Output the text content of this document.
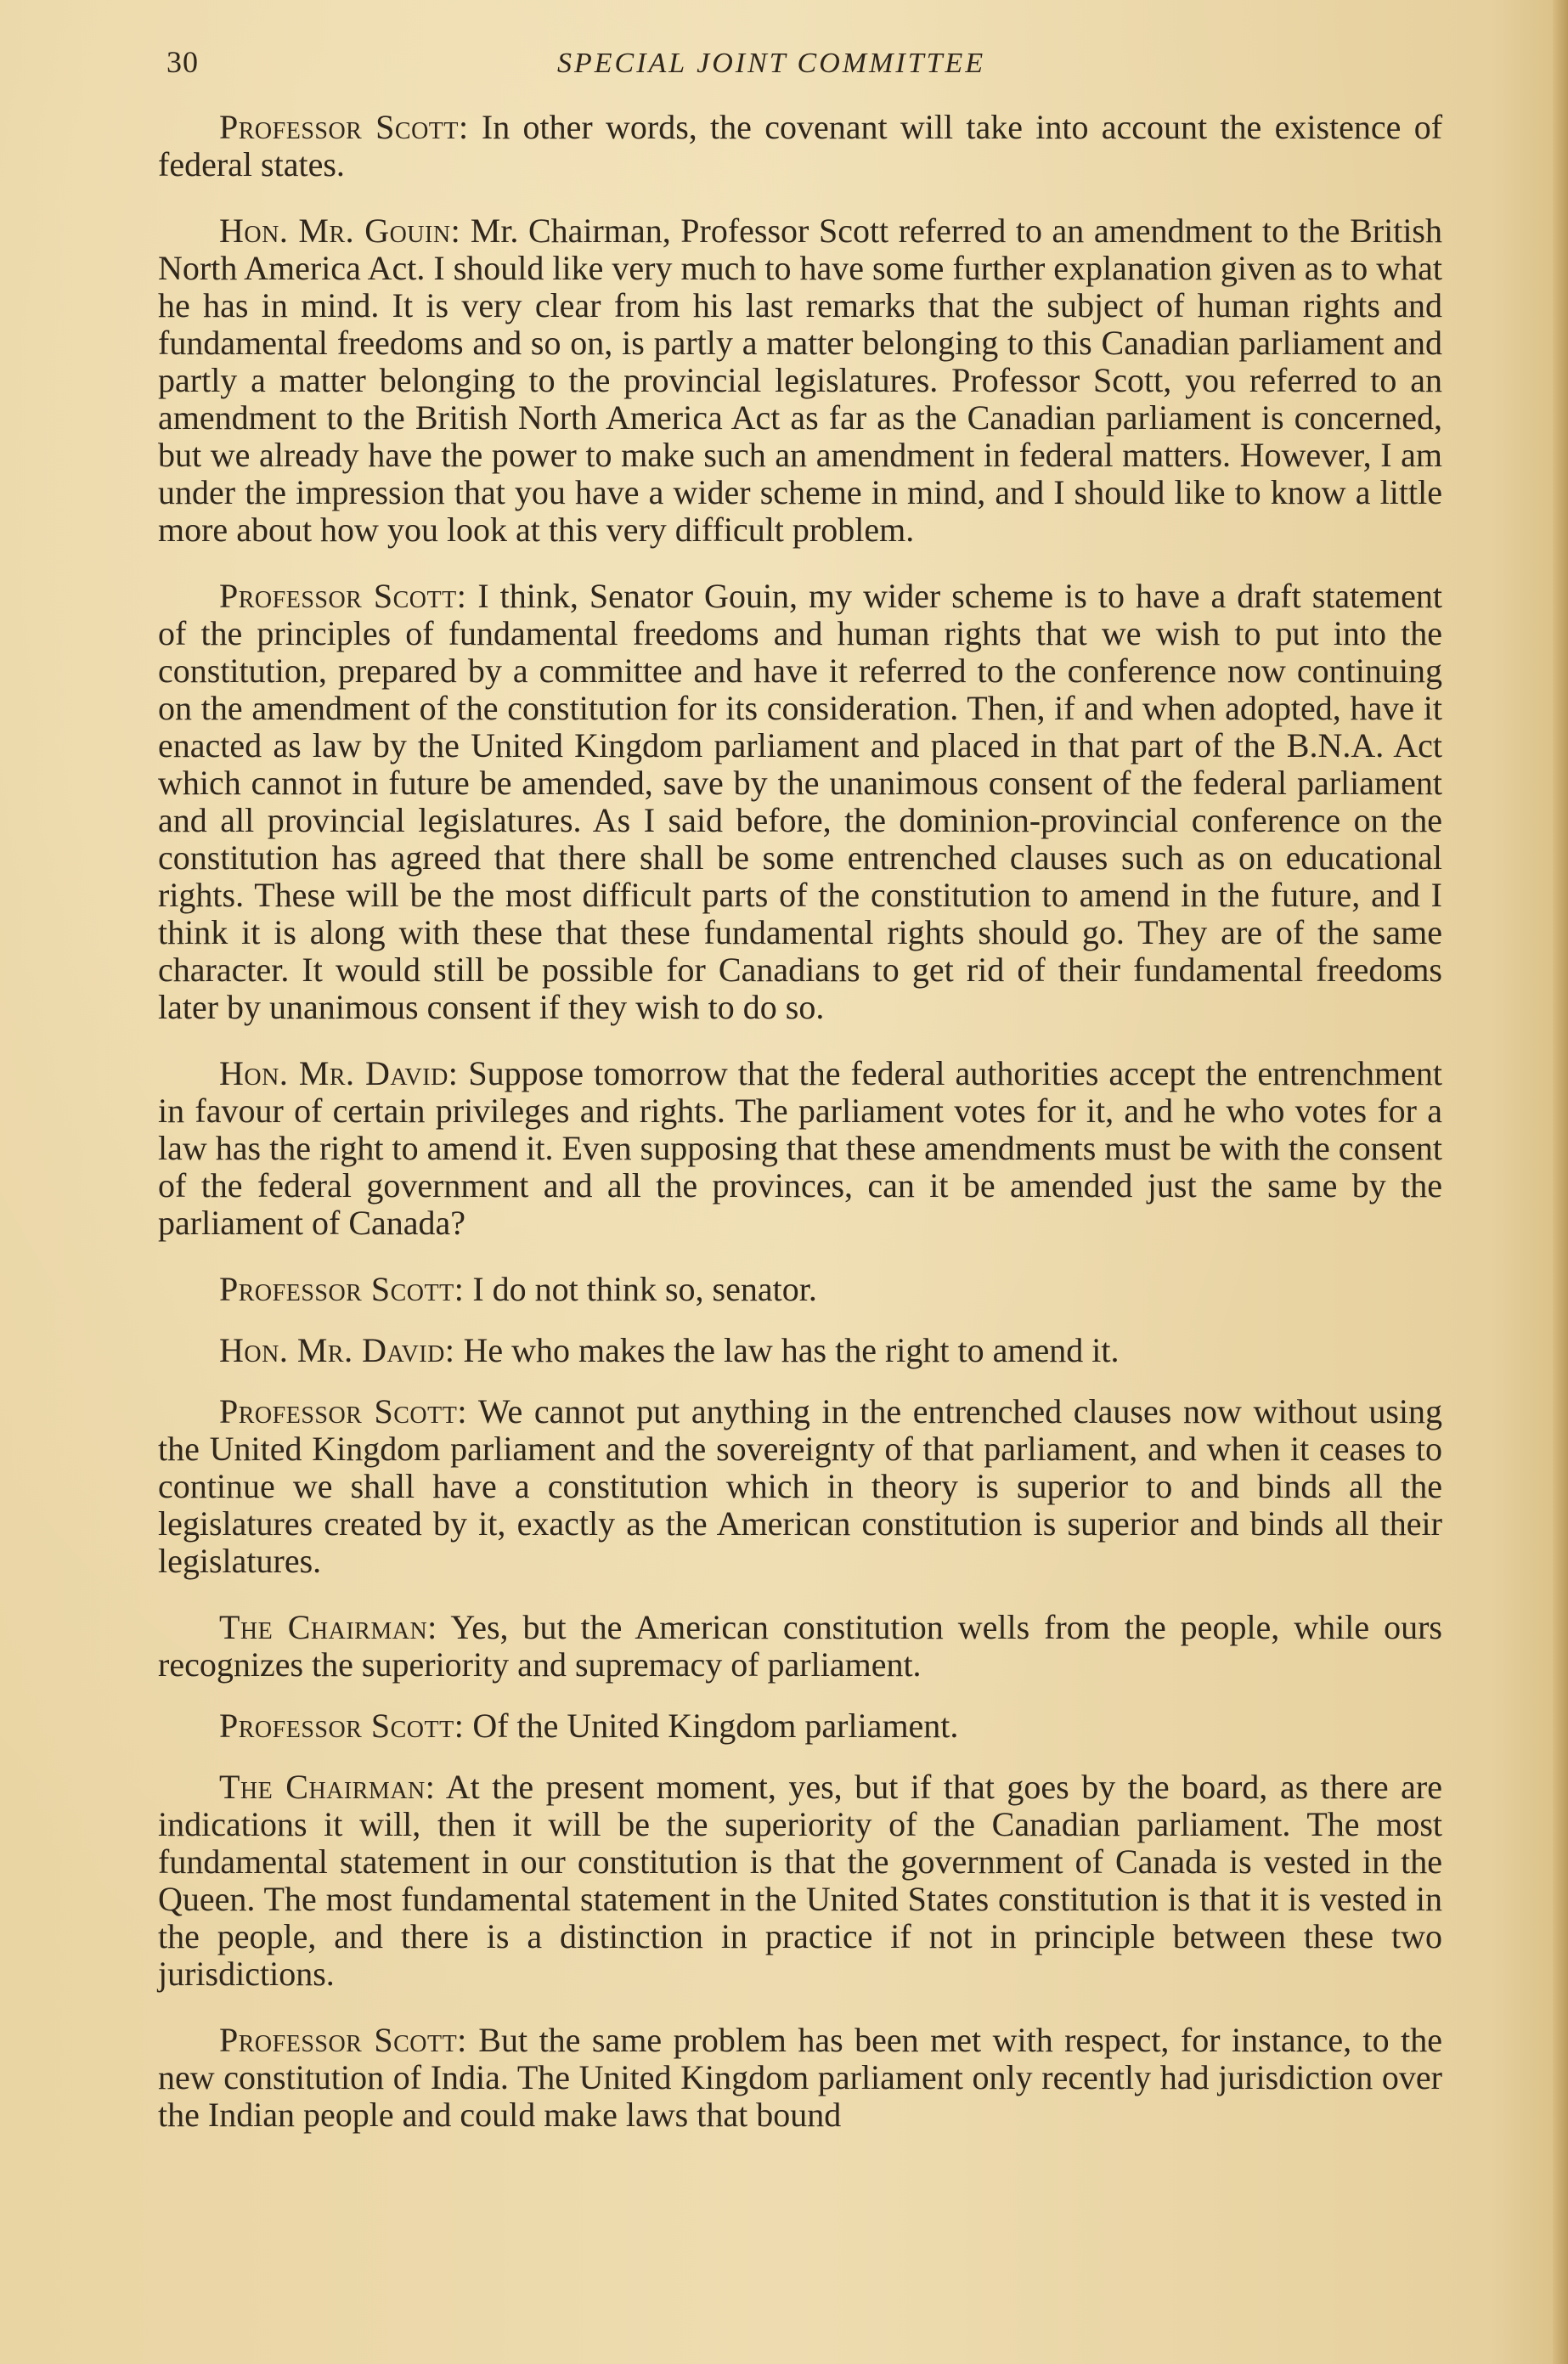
30	SPECIAL JOINT COMMITTEE

Professor Scott: In other words, the covenant will take into account the existence of federal states.

Hon. Mr. Gouin: Mr. Chairman, Professor Scott referred to an amendment to the British North America Act. I should like very much to have some further explanation given as to what he has in mind. It is very clear from his last remarks that the subject of human rights and fundamental freedoms and so on, is partly a matter belonging to this Canadian parliament and partly a matter belonging to the provincial legislatures. Professor Scott, you referred to an amendment to the British North America Act as far as the Canadian parliament is concerned, but we already have the power to make such an amendment in federal matters. However, I am under the impression that you have a wider scheme in mind, and I should like to know a little more about how you look at this very difficult problem.

Professor Scott: I think, Senator Gouin, my wider scheme is to have a draft statement of the principles of fundamental freedoms and human rights that we wish to put into the constitution, prepared by a committee and have it referred to the conference now continuing on the amendment of the constitution for its consideration. Then, if and when adopted, have it enacted as law by the United Kingdom parliament and placed in that part of the B.N.A. Act which cannot in future be amended, save by the unanimous consent of the federal parliament and all provincial legislatures. As I said before, the dominion-provincial conference on the constitution has agreed that there shall be some entrenched clauses such as on educational rights. These will be the most difficult parts of the constitution to amend in the future, and I think it is along with these that these fundamental rights should go. They are of the same character. It would still be possible for Canadians to get rid of their fundamental freedoms later by unanimous consent if they wish to do so.

Hon. Mr. David: Suppose tomorrow that the federal authorities accept the entrenchment in favour of certain privileges and rights. The parliament votes for it, and he who votes for a law has the right to amend it. Even supposing that these amendments must be with the consent of the federal government and all the provinces, can it be amended just the same by the parliament of Canada?

Professor Scott: I do not think so, senator.

Hon. Mr. David: He who makes the law has the right to amend it.

Professor Scott: We cannot put anything in the entrenched clauses now without using the United Kingdom parliament and the sovereignty of that parliament, and when it ceases to continue we shall have a constitution which in theory is superior to and binds all the legislatures created by it, exactly as the American constitution is superior and binds all their legislatures.

The Chairman: Yes, but the American constitution wells from the people, while ours recognizes the superiority and supremacy of parliament.

Professor Scott: Of the United Kingdom parliament.

The Chairman: At the present moment, yes, but if that goes by the board, as there are indications it will, then it will be the superiority of the Canadian parliament. The most fundamental statement in our constitution is that the government of Canada is vested in the Queen. The most fundamental statement in the United States constitution is that it is vested in the people, and there is a distinction in practice if not in principle between these two jurisdictions.

Professor Scott: But the same problem has been met with respect, for instance, to the new constitution of India. The United Kingdom parliament only recently had jurisdiction over the Indian people and could make laws that bound
